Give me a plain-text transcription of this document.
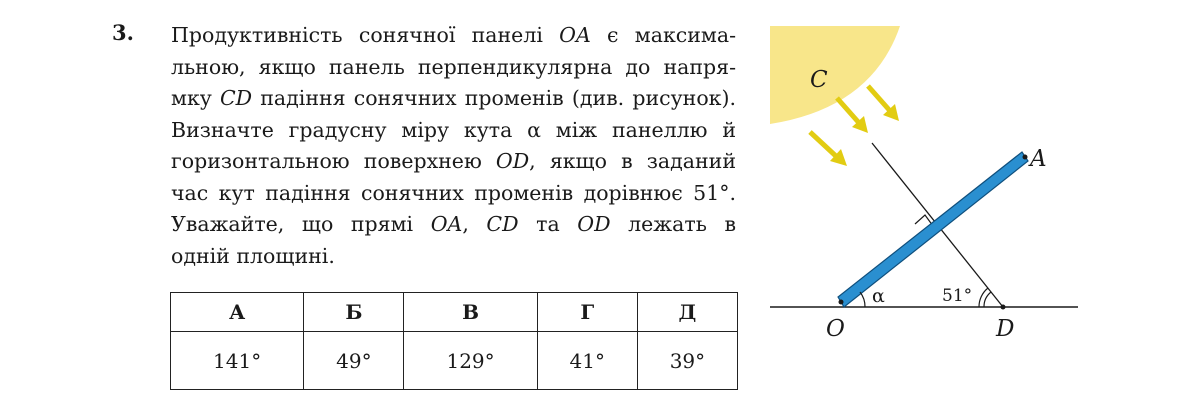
3. Продуктивність сонячної панелі OA є максима-
льною, якщо панель перпендикулярна до напря-
мку CD падіння сонячних променів (див. рисунок).
Визначте градусну міру кута α між панеллю й
горизонтальною поверхнею OD, якщо в заданий
час кут падіння сонячних променів дорівнює 51°.
Уважайте, що прямі OA, CD та OD лежать в
одній площині.
А	Б	В	Г	Д
141°	49°	129°	41°	39°
C
A
O	D
α	51°
